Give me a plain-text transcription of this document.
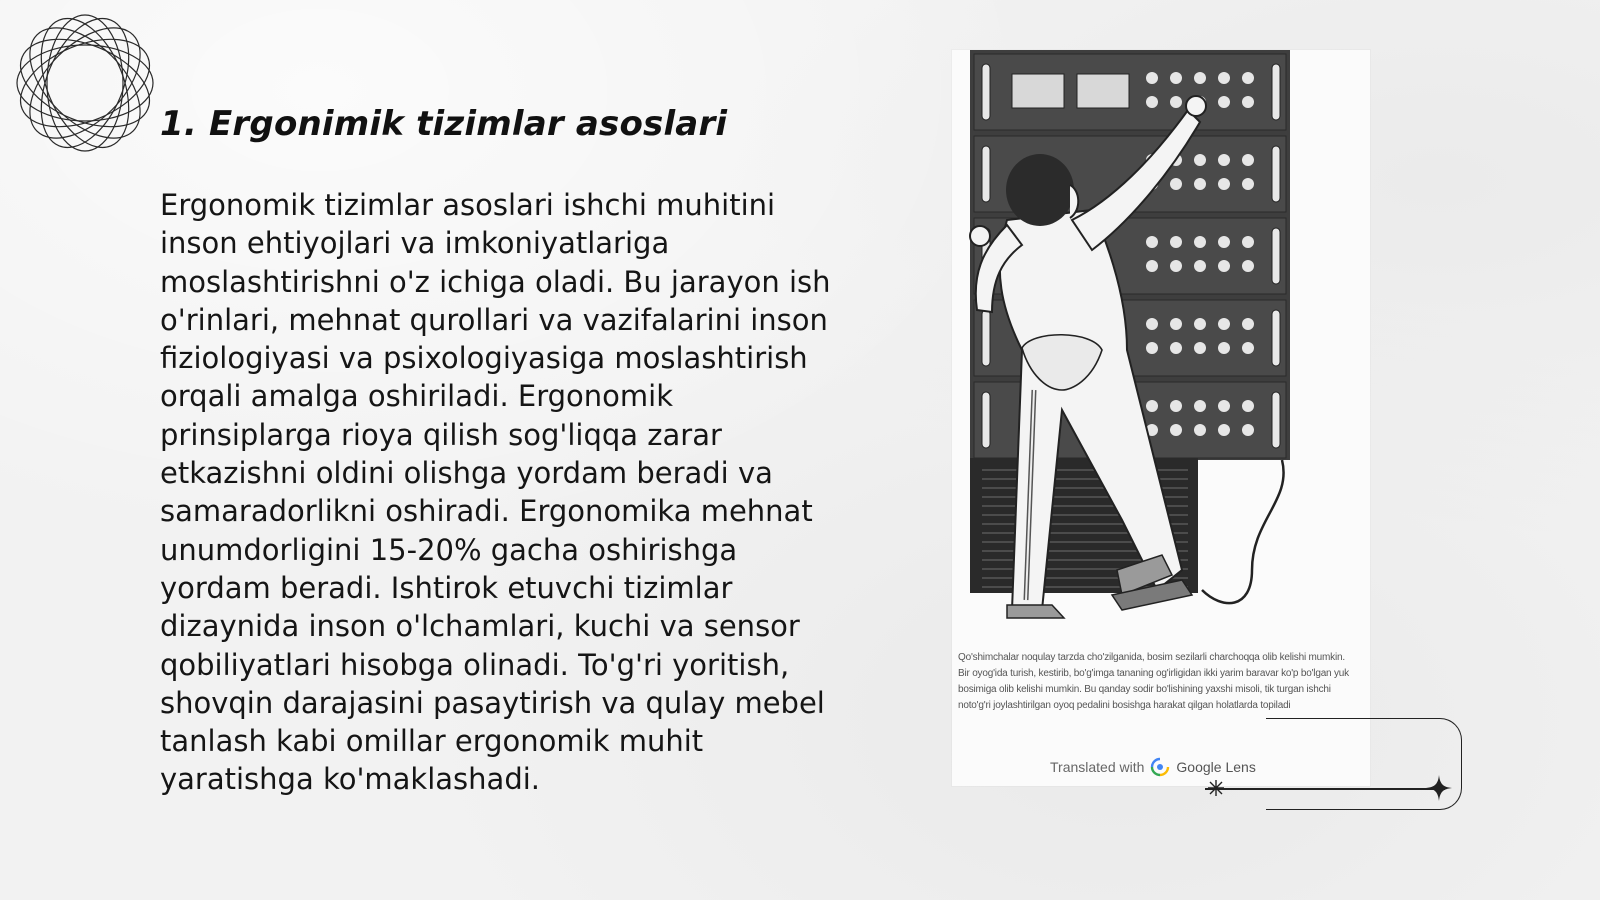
1. Ergonimik tizimlar asoslari

Ergonomik tizimlar asoslari ishchi muhitini inson ehtiyojlari va imkoniyatlariga moslashtirishni o'z ichiga oladi. Bu jarayon ish o'rinlari, mehnat qurollari va vazifalarini inson fiziologiyasi va psixologiyasiga moslashtirish orqali amalga oshiriladi. Ergonomik prinsiplarga rioya qilish sog'liqqa zarar etkazishni oldini olishga yordam beradi va samaradorlikni oshiradi. Ergonomika mehnat unumdorligini 15-20% gacha oshirishga yordam beradi. Ishtirok etuvchi tizimlar dizaynida inson o'lchamlari, kuchi va sensor qobiliyatlari hisobga olinadi. To'g'ri yoritish, shovqin darajasini pasaytirish va qulay mebel tanlash kabi omillar ergonomik muhit yaratishga ko'maklashadi.

Qo'shimchalar noqulay tarzda cho'zilganida, bosim sezilarli charchoqqa olib kelishi mumkin. Bir oyog'ida turish, kestirib, bo'g'imga tananing og'irligidan ikki yarim baravar ko'p bo'lgan yuk bosimiga olib kelishi mumkin. Bu qanday sodir bo'lishining yaxshi misoli, tik turgan ishchi noto'g'ri joylashtirilgan oyoq pedalini bosishga harakat qilgan holatlarda topiladi

Translated with Google Lens
